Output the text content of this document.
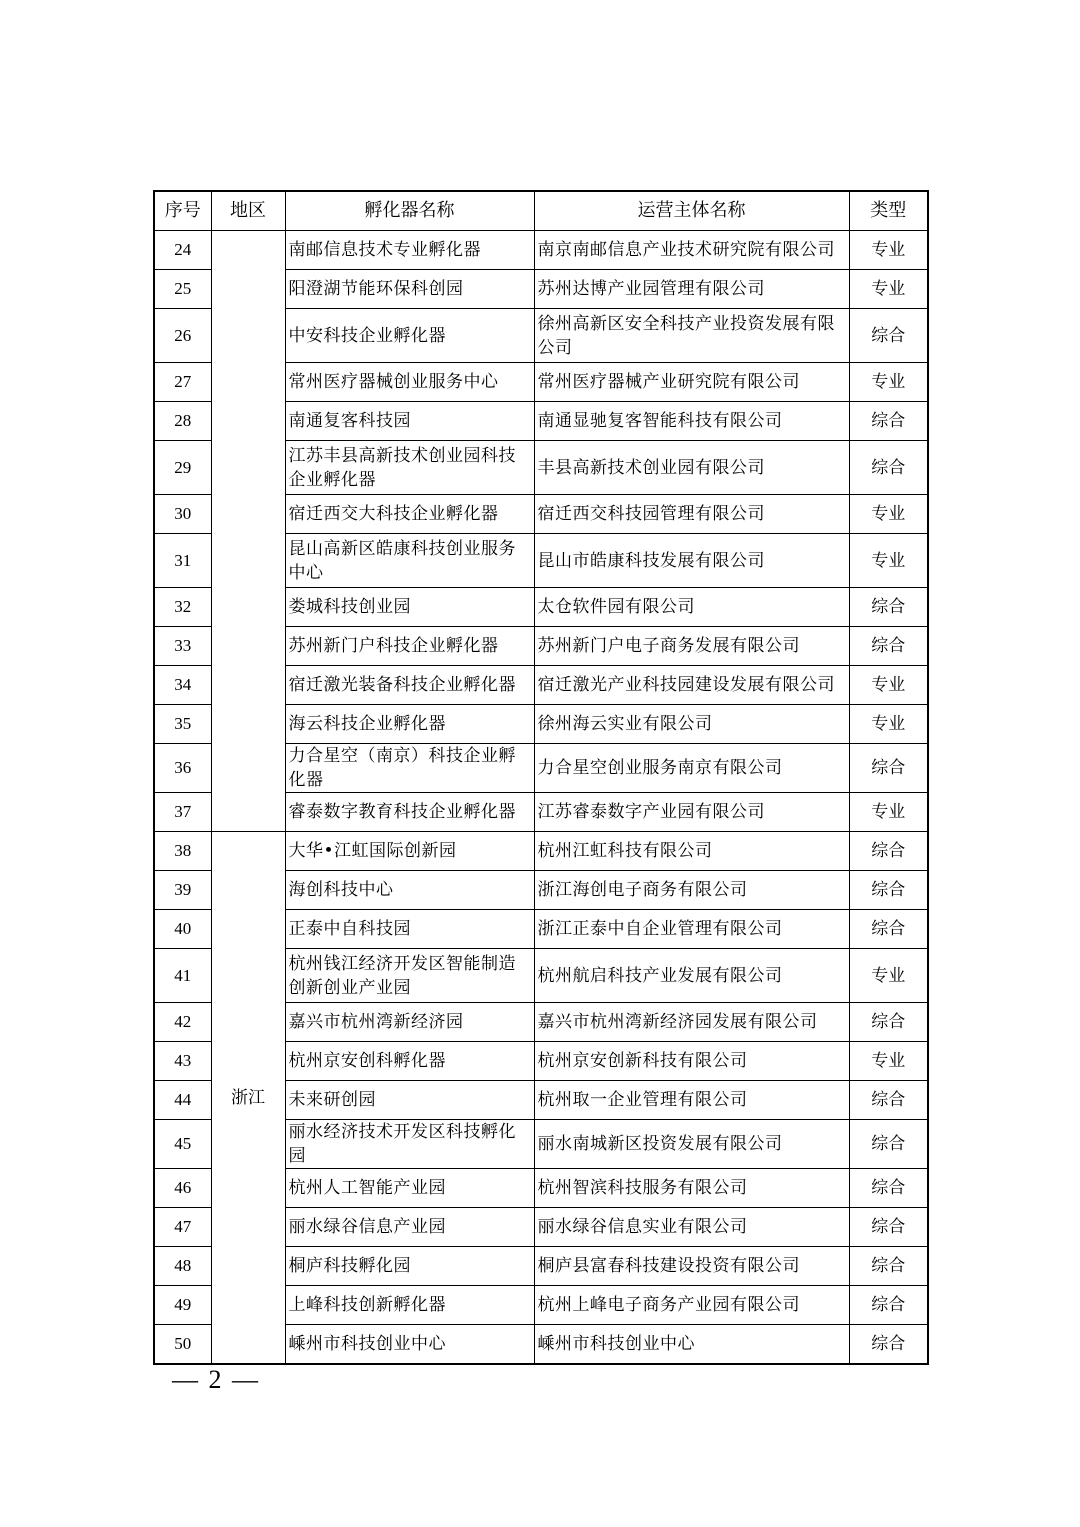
序号	地区	孵化器名称	运营主体名称	类型
24		南邮信息技术专业孵化器	南京南邮信息产业技术研究院有限公司	专业
25		阳澄湖节能环保科创园	苏州达博产业园管理有限公司	专业
26		中安科技企业孵化器	徐州高新区安全科技产业投资发展有限公司	综合
27		常州医疗器械创业服务中心	常州医疗器械产业研究院有限公司	专业
28		南通复客科技园	南通显驰复客智能科技有限公司	综合
29		江苏丰县高新技术创业园科技企业孵化器	丰县高新技术创业园有限公司	综合
30		宿迁西交大科技企业孵化器	宿迁西交科技园管理有限公司	专业
31		昆山高新区皓康科技创业服务中心	昆山市皓康科技发展有限公司	专业
32		娄城科技创业园	太仓软件园有限公司	综合
33		苏州新门户科技企业孵化器	苏州新门户电子商务发展有限公司	综合
34		宿迁激光装备科技企业孵化器	宿迁激光产业科技园建设发展有限公司	专业
35		海云科技企业孵化器	徐州海云实业有限公司	专业
36		力合星空（南京）科技企业孵化器	力合星空创业服务南京有限公司	综合
37		睿泰数字教育科技企业孵化器	江苏睿泰数字产业园有限公司	专业
38	浙江	大华•江虹国际创新园	杭州江虹科技有限公司	综合
39		海创科技中心	浙江海创电子商务有限公司	综合
40		正泰中自科技园	浙江正泰中自企业管理有限公司	综合
41		杭州钱江经济开发区智能制造创新创业产业园	杭州航启科技产业发展有限公司	专业
42		嘉兴市杭州湾新经济园	嘉兴市杭州湾新经济园发展有限公司	综合
43		杭州京安创科孵化器	杭州京安创新科技有限公司	专业
44		未来研创园	杭州取一企业管理有限公司	综合
45		丽水经济技术开发区科技孵化园	丽水南城新区投资发展有限公司	综合
46		杭州人工智能产业园	杭州智滨科技服务有限公司	综合
47		丽水绿谷信息产业园	丽水绿谷信息实业有限公司	综合
48		桐庐科技孵化园	桐庐县富春科技建设投资有限公司	综合
49		上峰科技创新孵化器	杭州上峰电子商务产业园有限公司	综合
50		嵊州市科技创业中心	嵊州市科技创业中心	综合
— 2 —
